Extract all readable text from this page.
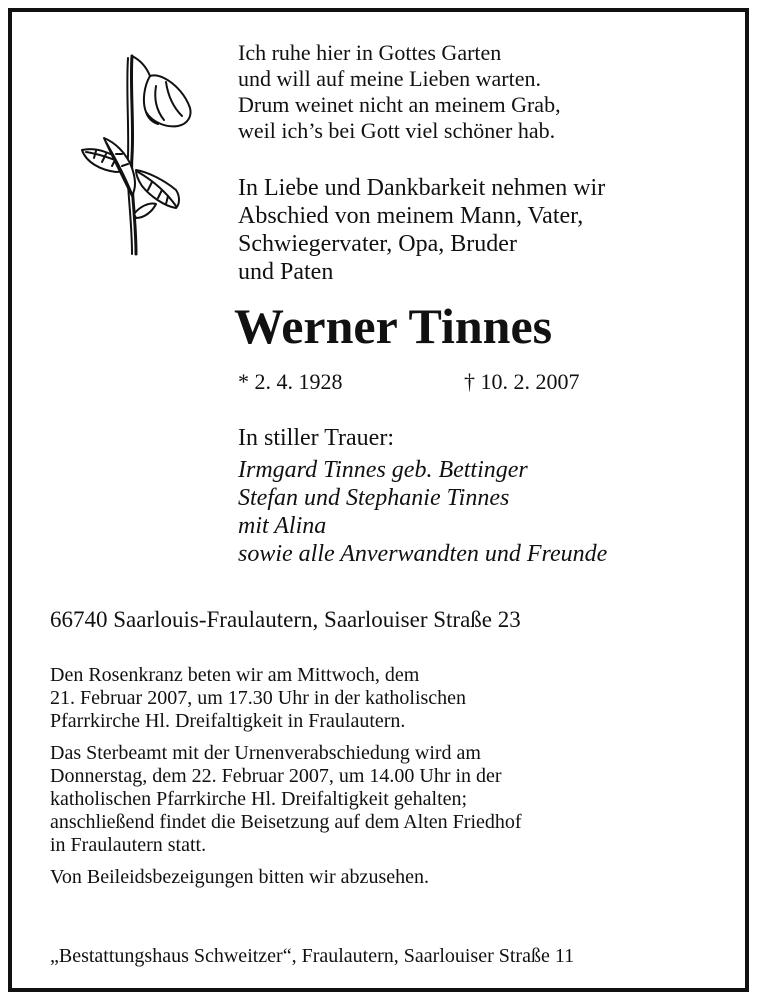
Ich ruhe hier in Gottes Garten
und will auf meine Lieben warten.
Drum weinet nicht an meinem Grab,
weil ich’s bei Gott viel schöner hab.
In Liebe und Dankbarkeit nehmen wir
Abschied von meinem Mann, Vater,
Schwiegervater, Opa, Bruder
und Paten
Werner Tinnes
* 2. 4. 1928	† 10. 2. 2007
In stiller Trauer:
Irmgard Tinnes geb. Bettinger
Stefan und Stephanie Tinnes
mit Alina
sowie alle Anverwandten und Freunde
66740 Saarlouis-Fraulautern, Saarlouiser Straße 23

Den Rosenkranz beten wir am Mittwoch, dem

21. Februar 2007, um 17.30 Uhr in der katholischen

Pfarrkirche Hl. Dreifaltigkeit in Fraulautern.

Das Sterbeamt mit der Urnenverabschiedung wird am

Donnerstag, dem 22. Februar 2007, um 14.00 Uhr in der

katholischen Pfarrkirche Hl. Dreifaltigkeit gehalten;

anschließend findet die Beisetzung auf dem Alten Friedhof

in Fraulautern statt.

Von Beileidsbezeigungen bitten wir abzusehen.

„Bestattungshaus Schweitzer“, Fraulautern, Saarlouiser Straße 11
